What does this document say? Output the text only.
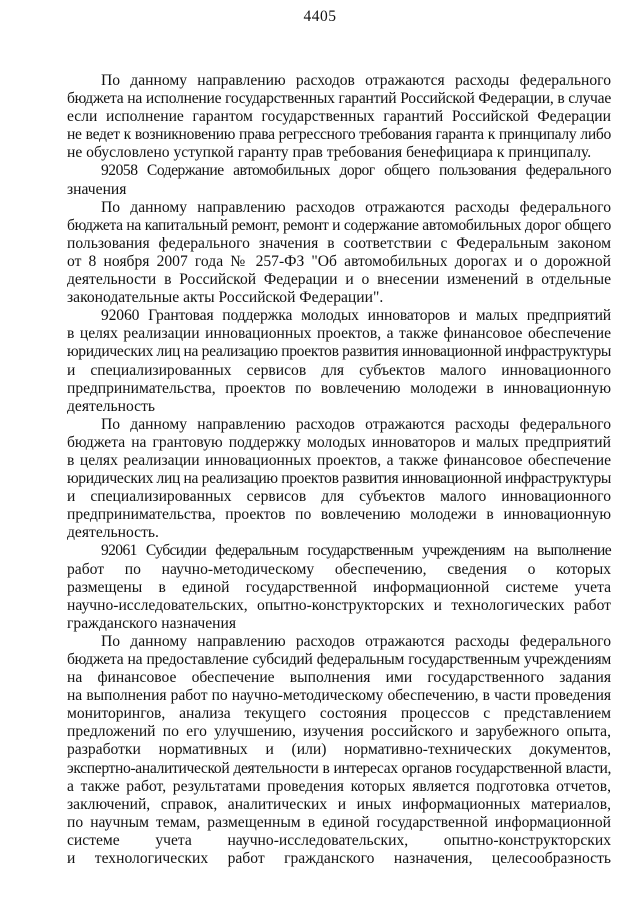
4405
По данному направлению расходов отражаются расходы федерального
бюджета на исполнение государственных гарантий Российской Федерации, в случае
если исполнение гарантом государственных гарантий Российской Федерации
не ведет к возникновению права регрессного требования гаранта к принципалу либо
не обусловлено уступкой гаранту прав требования бенефициара к принципалу.
92058 Содержание автомобильных дорог общего пользования федерального
значения
По данному направлению расходов отражаются расходы федерального
бюджета на капитальный ремонт, ремонт и содержание автомобильных дорог общего
пользования федерального значения в соответствии с Федеральным законом
от 8 ноября 2007 года № 257-ФЗ "Об автомобильных дорогах и о дорожной
деятельности в Российской Федерации и о внесении изменений в отдельные
законодательные акты Российской Федерации".
92060 Грантовая поддержка молодых инноваторов и малых предприятий
в целях реализации инновационных проектов, а также финансовое обеспечение
юридических лиц на реализацию проектов развития инновационной инфраструктуры
и специализированных сервисов для субъектов малого инновационного
предпринимательства, проектов по вовлечению молодежи в инновационную
деятельность
По данному направлению расходов отражаются расходы федерального
бюджета на грантовую поддержку молодых инноваторов и малых предприятий
в целях реализации инновационных проектов, а также финансовое обеспечение
юридических лиц на реализацию проектов развития инновационной инфраструктуры
и специализированных сервисов для субъектов малого инновационного
предпринимательства, проектов по вовлечению молодежи в инновационную
деятельность.
92061 Субсидии федеральным государственным учреждениям на выполнение
работ по научно-методическому обеспечению, сведения о которых
размещены в единой государственной информационной системе учета
научно-исследовательских, опытно-конструкторских и технологических работ
гражданского назначения
По данному направлению расходов отражаются расходы федерального
бюджета на предоставление субсидий федеральным государственным учреждениям
на финансовое обеспечение выполнения ими государственного задания
на выполнения работ по научно-методическому обеспечению, в части проведения
мониторингов, анализа текущего состояния процессов с представлением
предложений по его улучшению, изучения российского и зарубежного опыта,
разработки нормативных и (или) нормативно-технических документов,
экспертно-аналитической деятельности в интересах органов государственной власти,
а также работ, результатами проведения которых является подготовка отчетов,
заключений, справок, аналитических и иных информационных материалов,
по научным темам, размещенным в единой государственной информационной
системе учета научно-исследовательских, опытно-конструкторских
и технологических работ гражданского назначения, целесообразность
